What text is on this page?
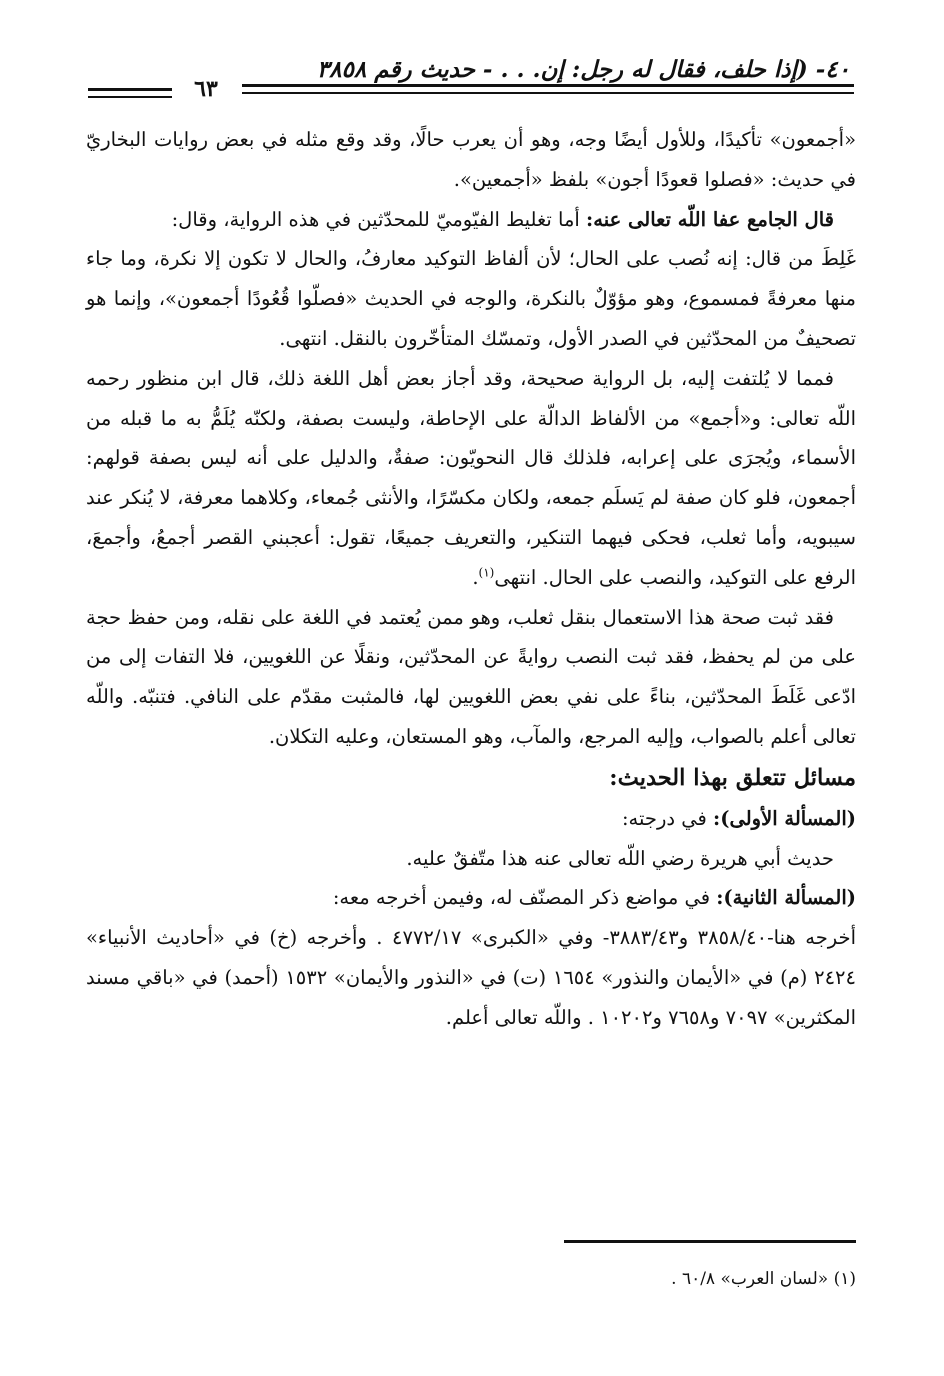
٤٠- (إذا حلف، فقال له رجل: إن. . . - حديث رقم ٣٨٥٨
٦٣

«أجمعون» تأكيدًا، وللأول أيضًا وجه، وهو أن يعرب حالًا، وقد وقع مثله في بعض روايات البخاريّ في حديث: «فصلوا قعودًا أجون» بلفظ «أجمعين».

قال الجامع عفا اللّه تعالى عنه: أما تغليط الفيّوميّ للمحدّثين في هذه الرواية، وقال:

غَلِطَ من قال: إنه نُصب على الحال؛ لأن ألفاظ التوكيد معارفُ، والحال لا تكون إلا نكرة، وما جاء منها معرفةً فمسموع، وهو مؤوّلٌ بالنكرة، والوجه في الحديث «فصلّوا قُعُودًا أجمعون»، وإنما هو تصحيفٌ من المحدّثين في الصدر الأول، وتمسّك المتأخّرون بالنقل. انتهى.

فمما لا يُلتفت إليه، بل الرواية صحيحة، وقد أجاز بعض أهل اللغة ذلك، قال ابن منظور رحمه اللّه تعالى: و«أجمع» من الألفاظ الدالّة على الإحاطة، وليست بصفة، ولكنّه يُلَمُّ به ما قبله من الأسماء، ويُجرَى على إعرابه، فلذلك قال النحويّون: صفةٌ، والدليل على أنه ليس بصفة قولهم: أجمعون، فلو كان صفة لم يَسلَم جمعه، ولكان مكسّرًا، والأنثى جُمعاء، وكلاهما معرفة، لا يُنكر عند سيبويه، وأما ثعلب، فحكى فيهما التنكير، والتعريف جميعًا، تقول: أعجبني القصر أجمعُ، وأجمعَ، الرفع على التوكيد، والنصب على الحال. انتهى$^{(١)}$.

فقد ثبت صحة هذا الاستعمال بنقل ثعلب، وهو ممن يُعتمد في اللغة على نقله، ومن حفظ حجة على من لم يحفظ، فقد ثبت النصب روايةً عن المحدّثين، ونقلًا عن اللغويين، فلا التفات إلى من ادّعى غَلَطَ المحدّثين، بناءً على نفي بعض اللغويين لها، فالمثبت مقدّم على النافي. فتنبّه. واللّه تعالى أعلم بالصواب، وإليه المرجع، والمآب، وهو المستعان، وعليه التكلان.

مسائل تتعلق بهذا الحديث:

(المسألة الأولى): في درجته:

حديث أبي هريرة رضي اللّه تعالى عنه هذا متّفقٌ عليه.

(المسألة الثانية): في مواضع ذكر المصنّف له، وفيمن أخرجه معه:

أخرجه هنا-٣٨٥٨/٤٠ و٣٨٨٣/٤٣- وفي «الكبرى» ٤٧٧٢/١٧ . وأخرجه (خ) في «أحاديث الأنبياء» ٢٤٢٤ (م) في «الأيمان والنذور» ١٦٥٤ (ت) في «النذور والأيمان» ١٥٣٢ (أحمد) في «باقي مسند المكثرين» ٧٠٩٧ و٧٦٥٨ و١٠٢٠٢ . واللّه تعالى أعلم.

(١) «لسان العرب» ٦٠/٨ .
